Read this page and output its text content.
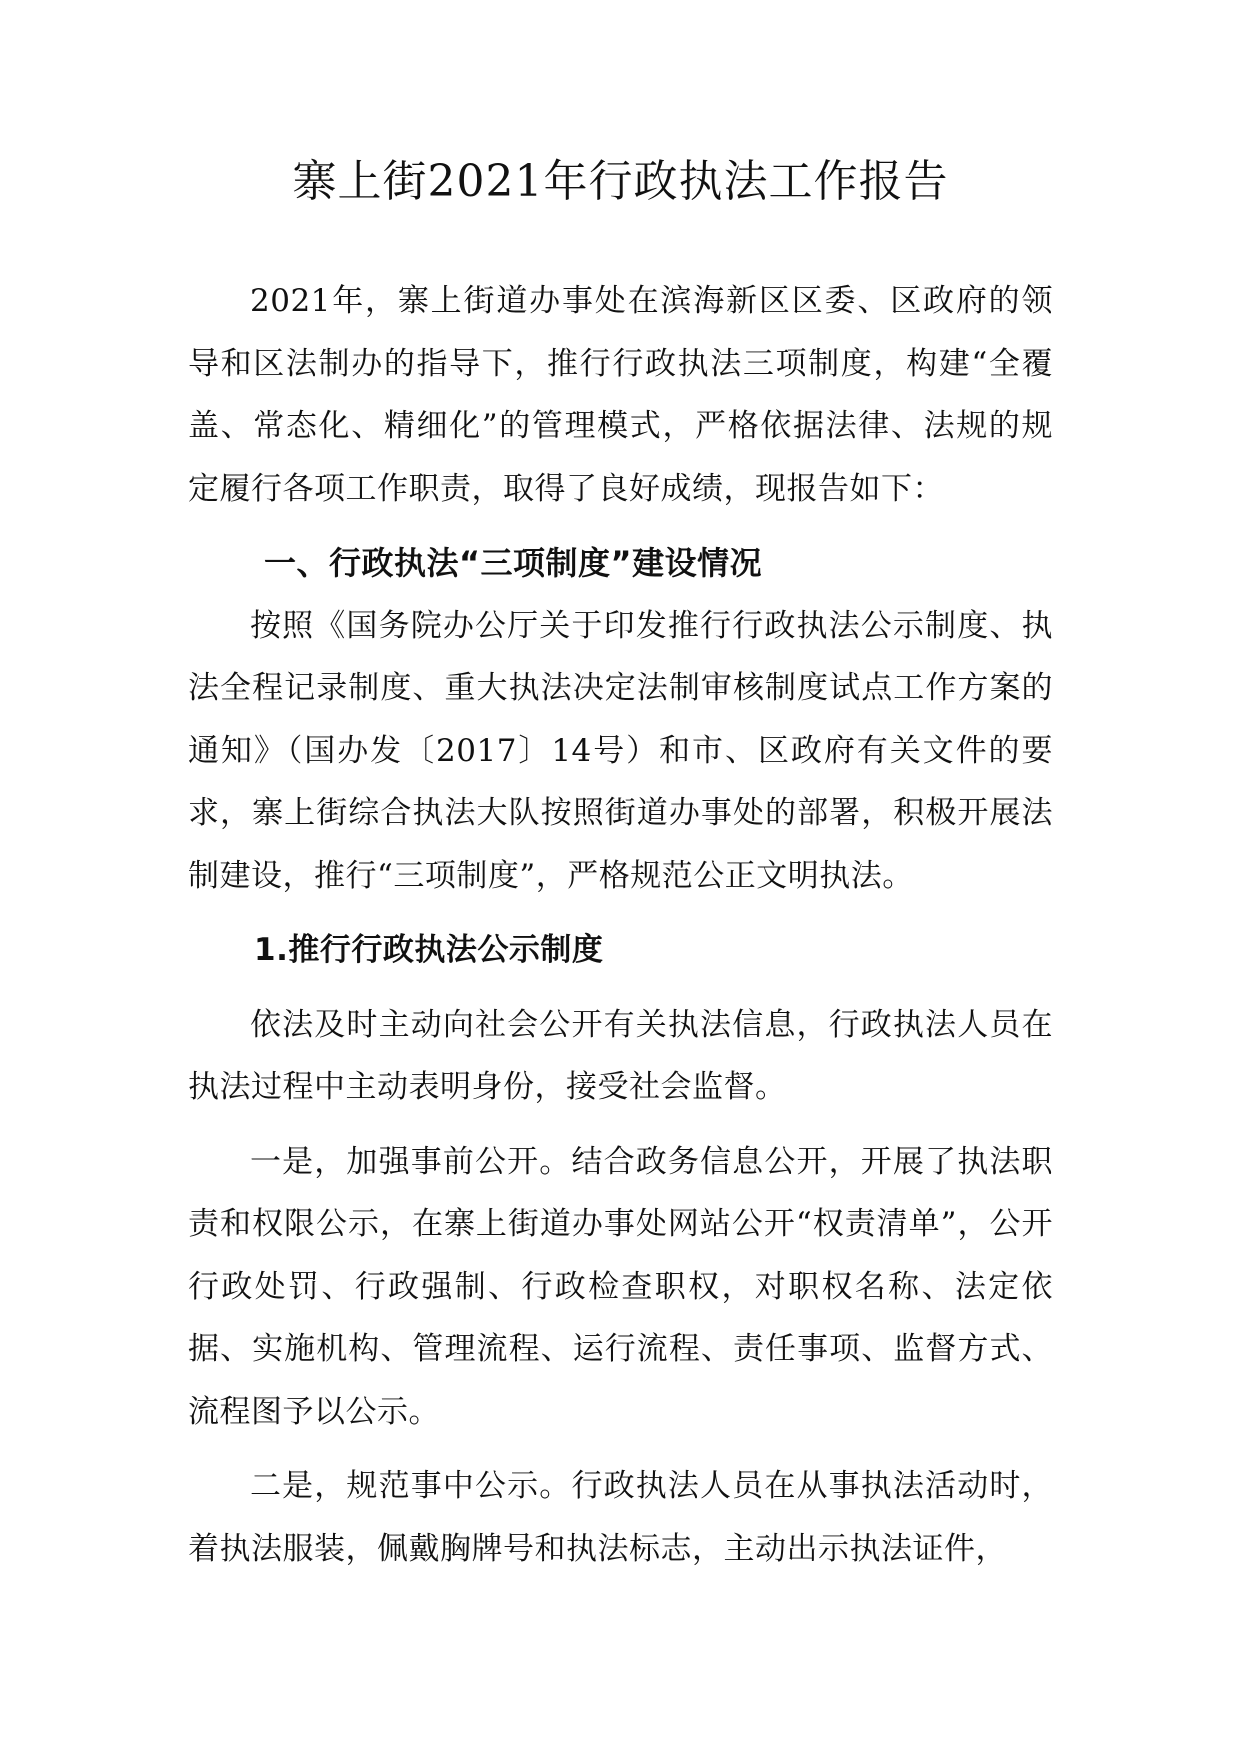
寨上街2021年行政执法工作报告

2021年，寨上街道办事处在滨海新区区委、区政府的领导和区法制办的指导下，推行行政执法三项制度，构建“全覆盖、常态化、精细化”的管理模式，严格依据法律、法规的规定履行各项工作职责，取得了良好成绩，现报告如下：

一、行政执法“三项制度”建设情况

按照《国务院办公厅关于印发推行行政执法公示制度、执法全程记录制度、重大执法决定法制审核制度试点工作方案的通知》（国办发〔2017〕14号）和市、区政府有关文件的要求，寨上街综合执法大队按照街道办事处的部署，积极开展法制建设，推行“三项制度”，严格规范公正文明执法。

1.推行行政执法公示制度

依法及时主动向社会公开有关执法信息，行政执法人员在执法过程中主动表明身份，接受社会监督。

一是，加强事前公开。结合政务信息公开，开展了执法职责和权限公示，在寨上街道办事处网站公开“权责清单”，公开行政处罚、行政强制、行政检查职权，对职权名称、法定依据、实施机构、管理流程、运行流程、责任事项、监督方式、流程图予以公示。

二是，规范事中公示。行政执法人员在从事执法活动时，着执法服装，佩戴胸牌号和执法标志，主动出示执法证件，
